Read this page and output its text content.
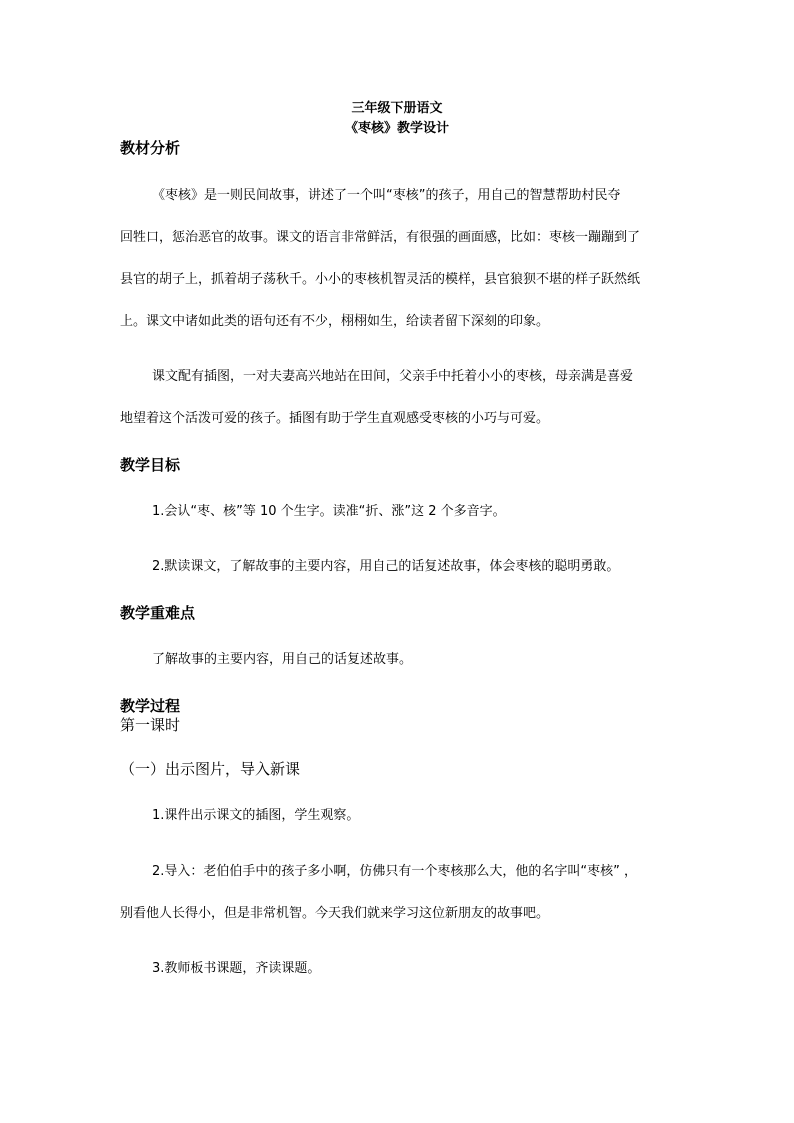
三年级下册语文
《枣核》教学设计
教材分析
《枣核》是一则民间故事，讲述了一个叫“枣核”的孩子，用自己的智慧帮助村民夺
回牲口，惩治恶官的故事。课文的语言非常鲜活，有很强的画面感，比如：枣核一蹦蹦到了
县官的胡子上，抓着胡子荡秋千。小小的枣核机智灵活的模样，县官狼狈不堪的样子跃然纸
上。课文中诸如此类的语句还有不少，栩栩如生，给读者留下深刻的印象。
课文配有插图，一对夫妻高兴地站在田间，父亲手中托着小小的枣核，母亲满是喜爱
地望着这个活泼可爱的孩子。插图有助于学生直观感受枣核的小巧与可爱。
教学目标
1.会认“枣、核”等 10 个生字。读准“折、涨”这 2 个多音字。
2.默读课文，了解故事的主要内容，用自己的话复述故事，体会枣核的聪明勇敢。
教学重难点
了解故事的主要内容，用自己的话复述故事。
教学过程
第一课时
（一）出示图片，导入新课
1.课件出示课文的插图，学生观察。
2.导入：老伯伯手中的孩子多小啊，仿佛只有一个枣核那么大，他的名字叫“枣核” ，
别看他人长得小，但是非常机智。今天我们就来学习这位新朋友的故事吧。
3.教师板书课题，齐读课题。
